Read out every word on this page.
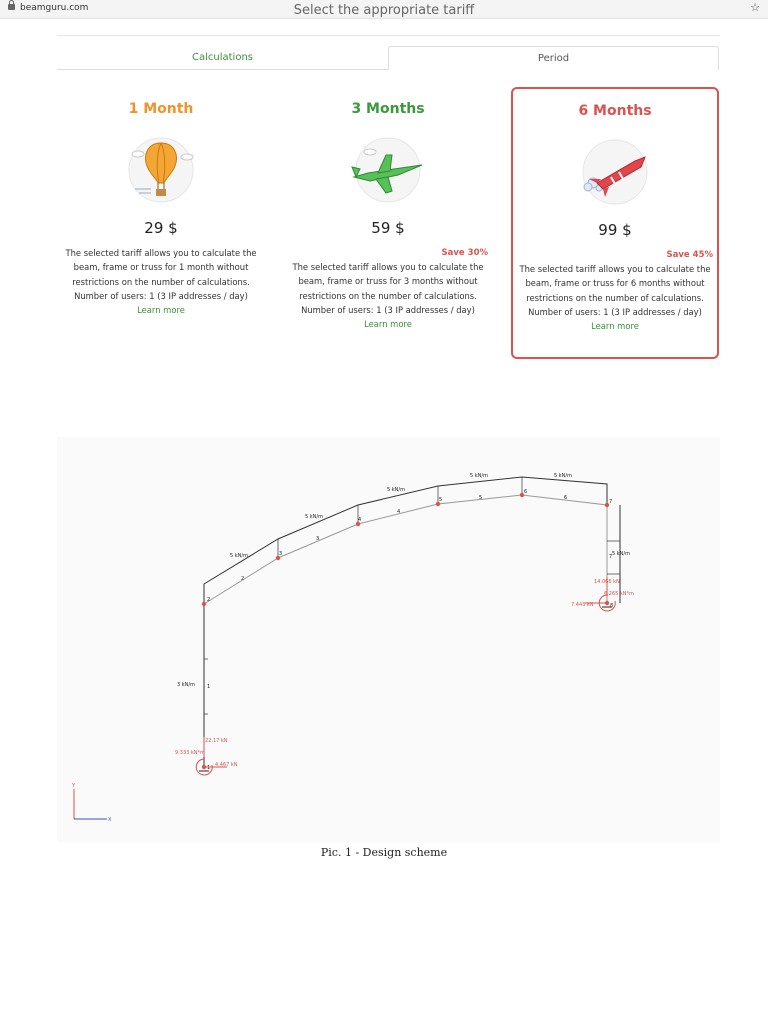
beamguru.com	☆
Select the appropriate tariff
Calculations	Period
1 Month
29 $
The selected tariff allows you to calculate the beam, frame or truss for 1 month without restrictions on the number of calculations.
Number of users: 1 (3 IP addresses / day)
Learn more
3 Months
59 $
Save 30%
The selected tariff allows you to calculate the beam, frame or truss for 3 months without restrictions on the number of calculations.
Number of users: 1 (3 IP addresses / day)
Learn more
6 Months
99 $
Save 45%
The selected tariff allows you to calculate the beam, frame or truss for 6 months without restrictions on the number of calculations.
Number of users: 1 (3 IP addresses / day)
Learn more
5 kN/m
5 kN/m
5 kN/m
5 kN/m	5 kN/m
3 kN/m
5 kN/m
1
2
3
4
5
6
7
8
1
2
3
4
5	6
7
22.17 kN
9.333 kN*m
4.467 kN
14.066 kN
6.265 kN*m
7.443 kN
Y
X
Pic. 1 - Design scheme
